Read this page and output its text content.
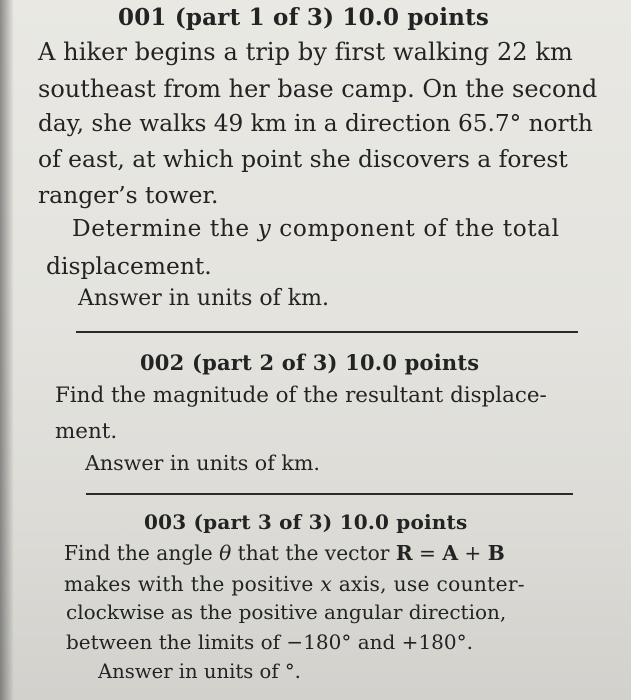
001 (part 1 of 3) 10.0 points
A hiker begins a trip by first walking 22 km
southeast from her base camp. On the second
day, she walks 49 km in a direction 65.7° north
of east, at which point she discovers a forest
ranger’s tower.
Determine the y component of the total
displacement.
Answer in units of km.
002 (part 2 of 3) 10.0 points
Find the magnitude of the resultant displace-
ment.
Answer in units of km.
003 (part 3 of 3) 10.0 points
Find the angle θ that the vector R = A + B
makes with the positive x axis, use counter-
clockwise as the positive angular direction,
between the limits of −180° and +180°.
Answer in units of °.
